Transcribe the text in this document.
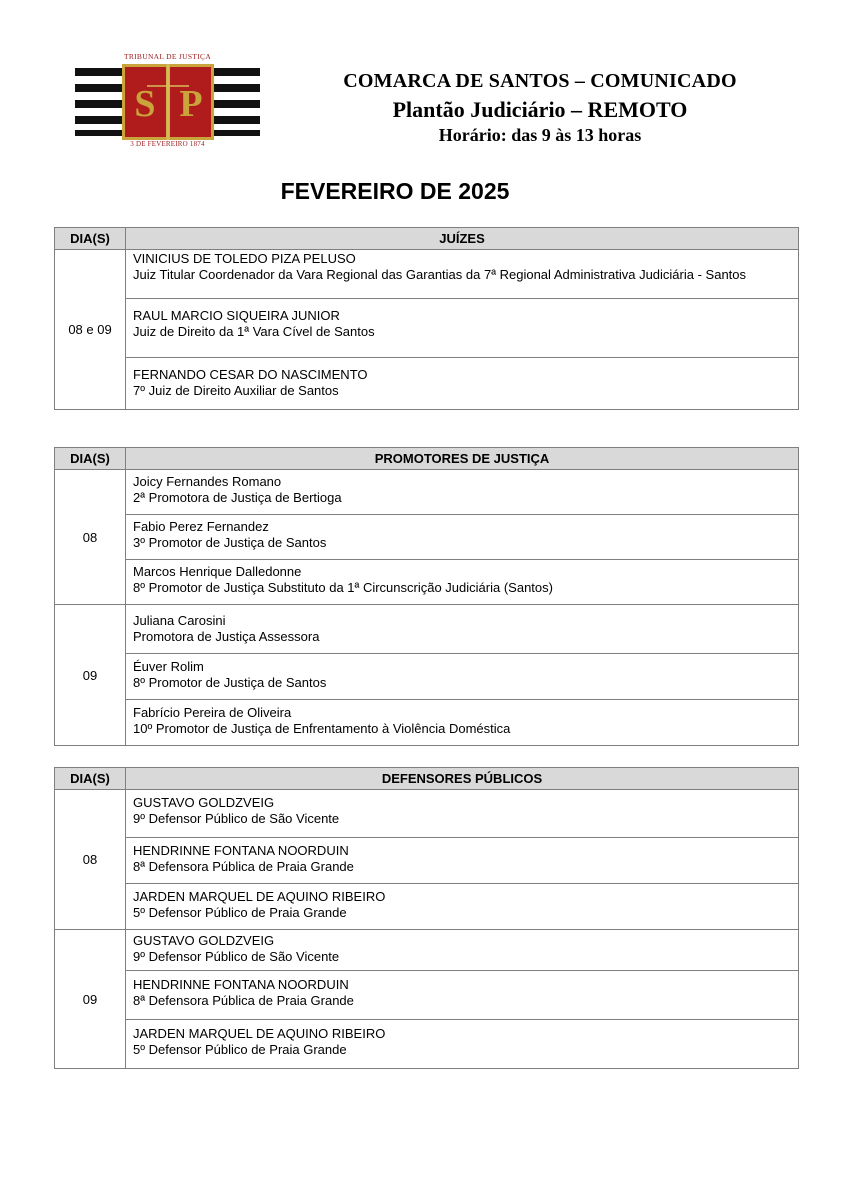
TRIBUNAL DE JUSTIÇA
S P
3 DE FEVEREIRO 1874
COMARCA DE SANTOS – COMUNICADO
Plantão Judiciário – REMOTO
Horário: das 9 às 13 horas
FEVEREIRO DE 2025
DIA(S)	JUÍZES
08 e 09	VINICIUS DE TOLEDO PIZA PELUSO
Juiz Titular Coordenador da Vara Regional das Garantias da 7ª Regional Administrativa Judiciária - Santos

	RAUL MARCIO SIQUEIRA JUNIOR
Juiz de Direito da 1ª Vara Cível de Santos

	FERNANDO CESAR DO NASCIMENTO
7º Juiz de Direito Auxiliar de Santos
DIA(S)	PROMOTORES DE JUSTIÇA
08	Joicy Fernandes Romano
2ª Promotora de Justiça de Bertioga

	Fabio Perez Fernandez
3º Promotor de Justiça de Santos

	Marcos Henrique Dalledonne
8º Promotor de Justiça Substituto da 1ª Circunscrição Judiciária (Santos)

09	Juliana Carosini
Promotora de Justiça Assessora

	Éuver Rolim
8º Promotor de Justiça de Santos

	Fabrício Pereira de Oliveira
10º Promotor de Justiça de Enfrentamento à Violência Doméstica
DIA(S)	DEFENSORES PÚBLICOS
08	GUSTAVO GOLDZVEIG
9º Defensor Público de São Vicente

	HENDRINNE FONTANA NOORDUIN
8ª Defensora Pública de Praia Grande

	JARDEN MARQUEL DE AQUINO RIBEIRO
5º Defensor Público de Praia Grande

09	GUSTAVO GOLDZVEIG
9º Defensor Público de São Vicente

	HENDRINNE FONTANA NOORDUIN
8ª Defensora Pública de Praia Grande

	JARDEN MARQUEL DE AQUINO RIBEIRO
5º Defensor Público de Praia Grande
